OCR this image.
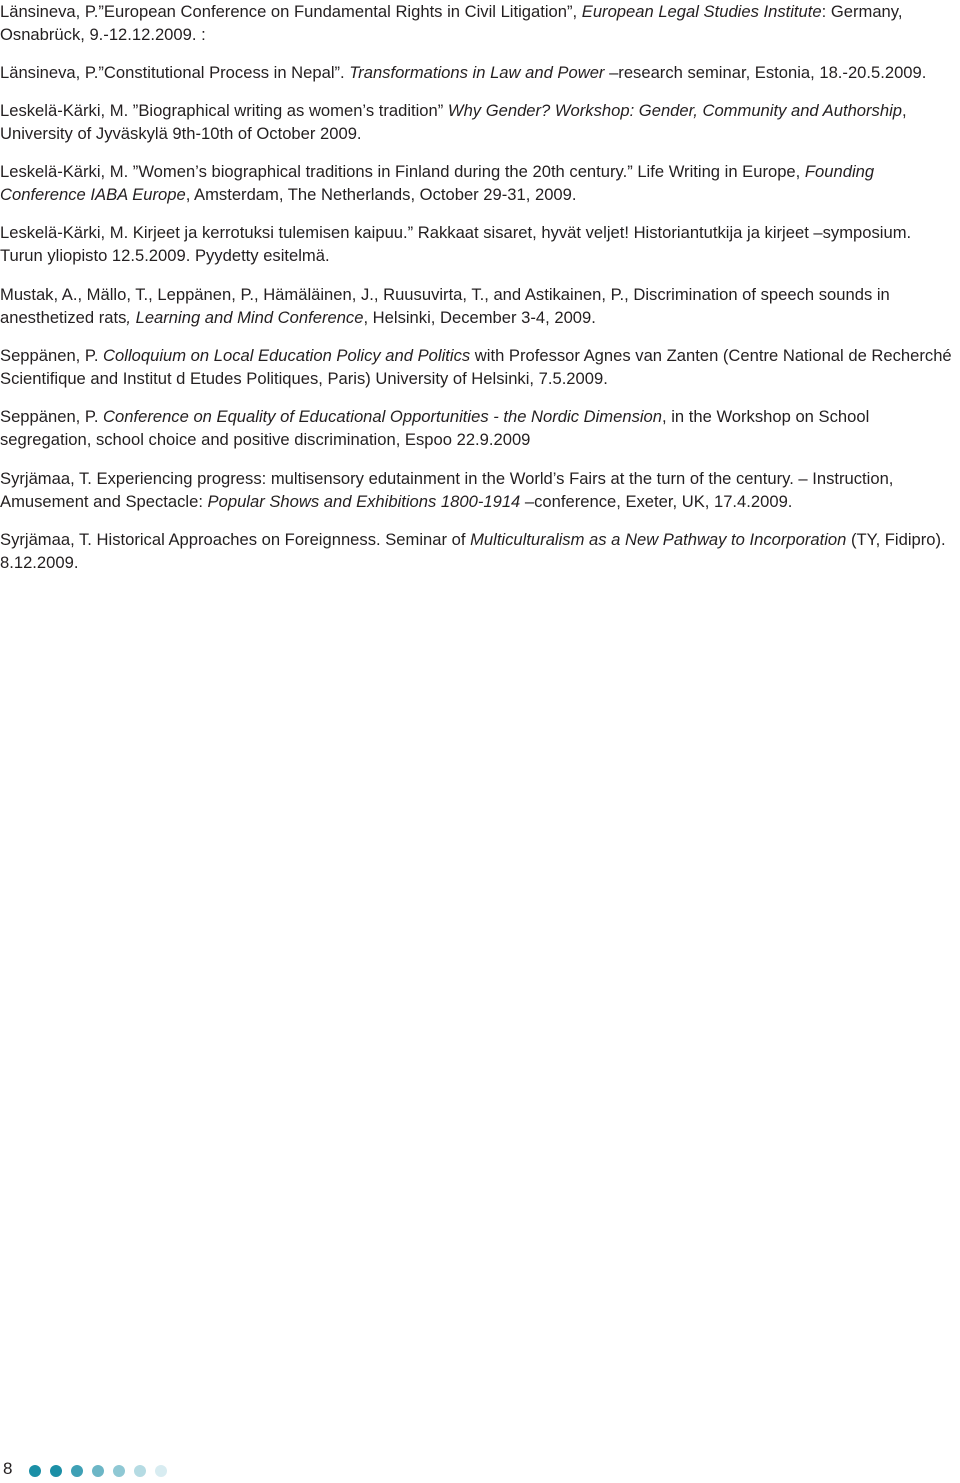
Länsineva, P.”European Conference on Fundamental Rights in Civil Litigation”, European Legal Studies Institute: Germany, Osnabrück, 9.-12.12.2009. :

Länsineva, P.”Constitutional Process in Nepal”. Transformations in Law and Power –research seminar, Estonia, 18.-20.5.2009.

Leskelä-Kärki, M. ”Biographical writing as women’s tradition” Why Gender? Workshop: Gender, Community and Authorship, University of Jyväskylä 9th-10th of October 2009.

Leskelä-Kärki, M. ”Women’s biographical traditions in Finland during the 20th century.” Life Writing in Europe, Founding Conference IABA Europe, Amsterdam, The Netherlands, October 29-31, 2009.

Leskelä-Kärki, M. Kirjeet ja kerrotuksi tulemisen kaipuu.” Rakkaat sisaret, hyvät veljet! Historiantutkija ja kirjeet –symposium. Turun yliopisto 12.5.2009. Pyydetty esitelmä.

Mustak, A., Mällo, T., Leppänen, P., Hämäläinen, J., Ruusuvirta, T., and Astikainen, P., Discrimination of speech sounds in anesthetized rats, Learning and Mind Conference, Helsinki, December 3-4, 2009.

Seppänen, P. Colloquium on Local Education Policy and Politics with Professor Agnes van Zanten (Centre National de Recherché Scientifique and Institut d Etudes Politiques, Paris) University of Helsinki, 7.5.2009.

Seppänen, P. Conference on Equality of Educational Opportunities - the Nordic Dimension, in the Workshop on School segregation, school choice and positive discrimination, Espoo 22.9.2009

Syrjämaa, T. Experiencing progress: multisensory edutainment in the World’s Fairs at the turn of the century. – Instruction, Amusement and Spectacle: Popular Shows and Exhibitions 1800-1914 –conference, Exeter, UK, 17.4.2009.

Syrjämaa, T. Historical Approaches on Foreignness. Seminar of Multiculturalism as a New Pathway to Incorporation (TY, Fidipro). 8.12.2009.

8
